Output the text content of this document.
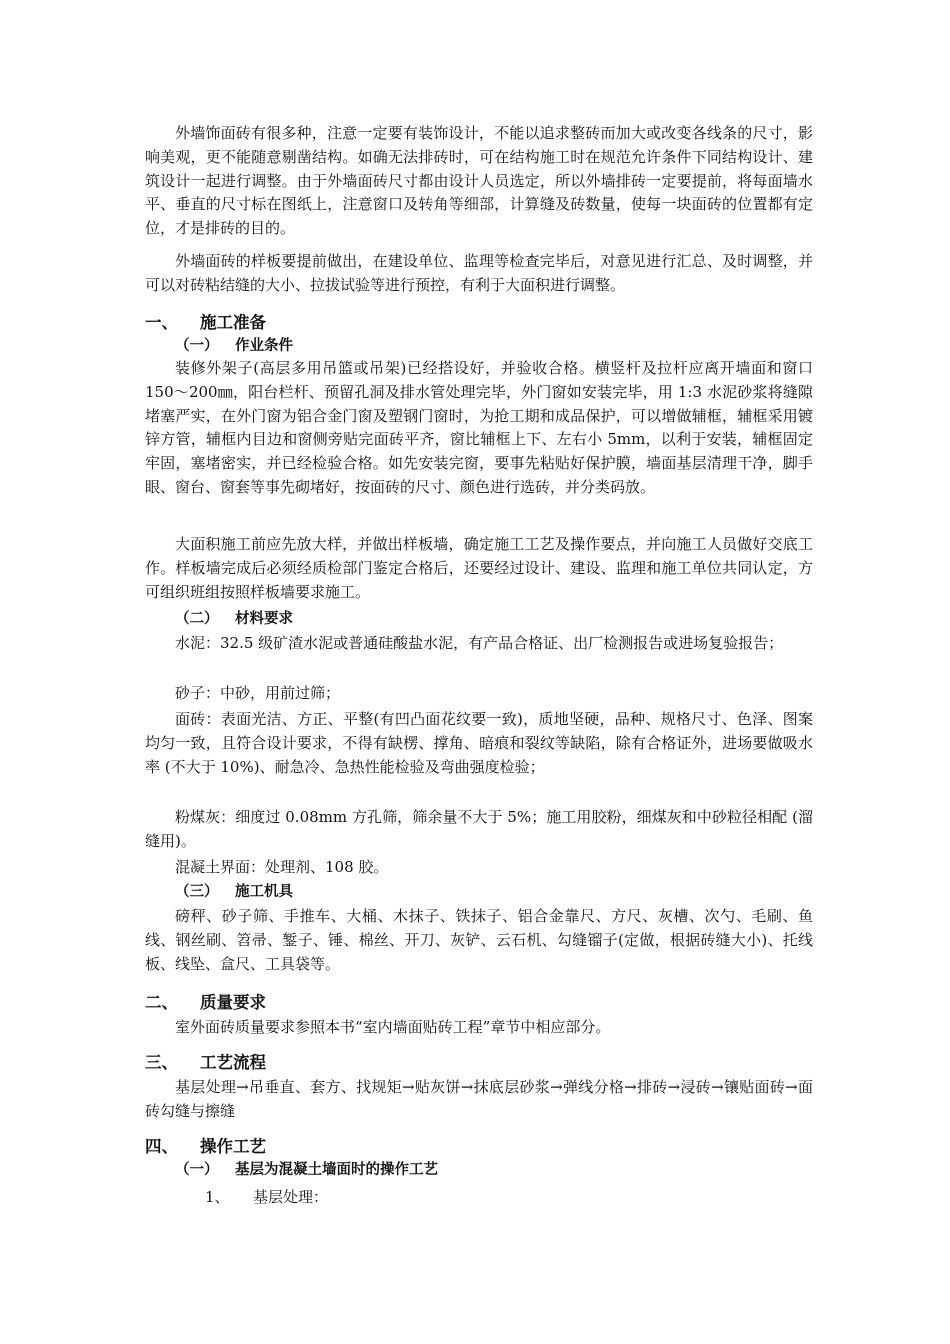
外墙饰面砖有很多种，注意一定要有装饰设计，不能以追求整砖而加大或改变各线条的尺寸，影响美观，更不能随意剔凿结构。如确无法排砖时，可在结构施工时在规范允许条件下同结构设计、建筑设计一起进行调整。由于外墙面砖尺寸都由设计人员选定，所以外墙排砖一定要提前，将每面墙水平、垂直的尺寸标在图纸上，注意窗口及转角等细部，计算缝及砖数量，使每一块面砖的位置都有定位，才是排砖的目的。

外墙面砖的样板要提前做出，在建设单位、监理等检查完毕后，对意见进行汇总、及时调整，并可以对砖粘结缝的大小、拉拔试验等进行预控，有利于大面积进行调整。

一、 施工准备
（一） 作业条件

装修外架子(高层多用吊篮或吊架)已经搭设好，并验收合格。横竖杆及拉杆应离开墙面和窗口 150～200㎜，阳台栏杆、预留孔洞及排水管处理完毕，外门窗如安装完毕，用 1:3 水泥砂浆将缝隙堵塞严实，在外门窗为铝合金门窗及塑钢门窗时，为抢工期和成品保护，可以增做辅框，辅框采用镀锌方管，辅框内目边和窗侧旁贴完面砖平齐，窗比辅框上下、左右小 5mm，以利于安装，辅框固定牢固，塞堵密实，并已经检验合格。如先安装完窗，要事先粘贴好保护膜，墙面基层清理干净，脚手眼、窗台、窗套等事先砌堵好，按面砖的尺寸、颜色进行选砖，并分类码放。

大面积施工前应先放大样，并做出样板墙，确定施工工艺及操作要点，并向施工人员做好交底工作。样板墙完成后必须经质检部门鉴定合格后，还要经过设计、建设、监理和施工单位共同认定，方可组织班组按照样板墙要求施工。

（二） 材料要求

水泥：32.5 级矿渣水泥或普通硅酸盐水泥，有产品合格证、出厂检测报告或进场复验报告；

砂子：中砂，用前过筛；

面砖：表面光洁、方正、平整(有凹凸面花纹要一致)，质地坚硬，品种、规格尺寸、色泽、图案均匀一致，且符合设计要求，不得有缺楞、撑角、暗痕和裂纹等缺陷，除有合格证外，进场要做吸水率 (不大于 10%)、耐急冷、急热性能检验及弯曲强度检验；

粉煤灰：细度过 0.08mm 方孔筛，筛余量不大于 5%；施工用胶粉，细煤灰和中砂粒径相配 (溜缝用)。

混凝土界面：处理剂、108 胶。

（三） 施工机具

磅秤、砂子筛、手推车、大桶、木抹子、铁抹子、铝合金靠尺、方尺、灰槽、次勺、毛刷、鱼线、钢丝刷、笤帚、錾子、锤、棉丝、开刀、灰铲、云石机、勾缝镏子(定做，根据砖缝大小)、托线板、线坠、盒尺、工具袋等。

二、 质量要求

室外面砖质量要求参照本书“室内墙面贴砖工程”章节中相应部分。

三、 工艺流程

基层处理→吊垂直、套方、找规矩→贴灰饼→抹底层砂浆→弹线分格→排砖→浸砖→镶贴面砖→面砖勾缝与擦缝

四、 操作工艺
（一） 基层为混凝土墙面时的操作工艺
1、 基层处理：
